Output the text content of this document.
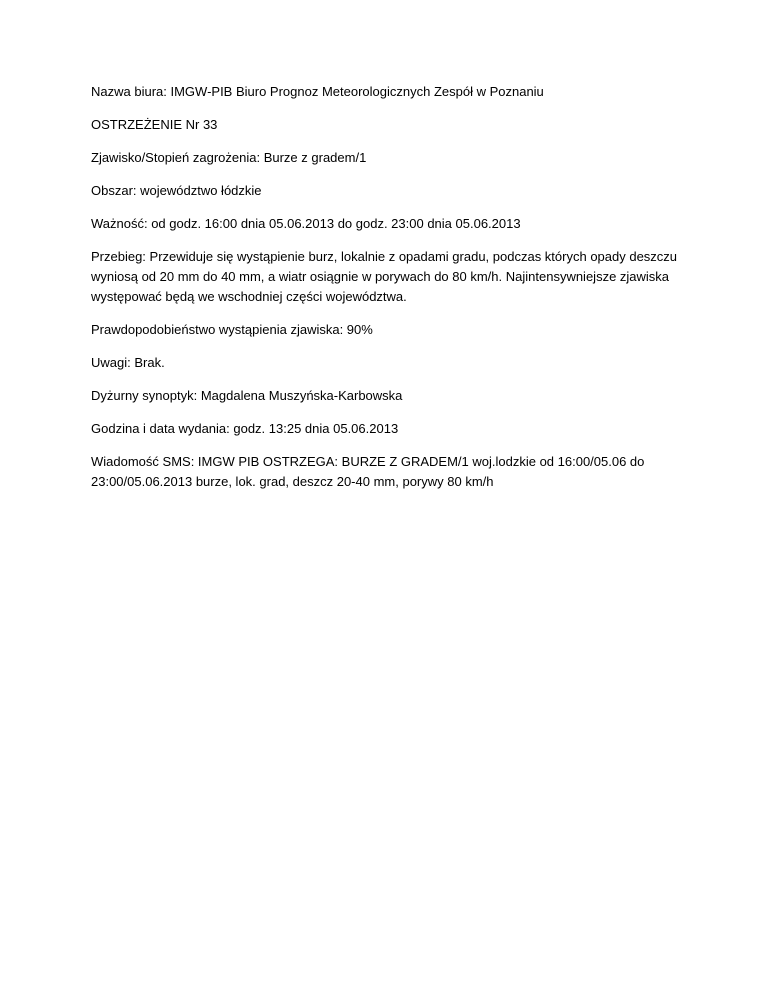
Nazwa biura: IMGW-PIB Biuro Prognoz Meteorologicznych Zespół w Poznaniu

OSTRZEŻENIE Nr 33

Zjawisko/Stopień zagrożenia: Burze z gradem/1

Obszar: województwo łódzkie

Ważność: od godz. 16:00 dnia 05.06.2013 do godz. 23:00 dnia 05.06.2013

Przebieg: Przewiduje się wystąpienie burz, lokalnie z opadami gradu, podczas których opady deszczu wyniosą od 20 mm do 40 mm, a wiatr osiągnie w porywach do 80 km/h. Najintensywniejsze zjawiska występować będą we wschodniej części województwa.

Prawdopodobieństwo wystąpienia zjawiska: 90%

Uwagi: Brak.

Dyżurny synoptyk: Magdalena Muszyńska-Karbowska

Godzina i data wydania: godz. 13:25 dnia 05.06.2013

Wiadomość SMS: IMGW PIB OSTRZEGA: BURZE Z GRADEM/1 woj.lodzkie od 16:00/05.06 do 23:00/05.06.2013 burze, lok. grad, deszcz 20-40 mm, porywy 80 km/h
